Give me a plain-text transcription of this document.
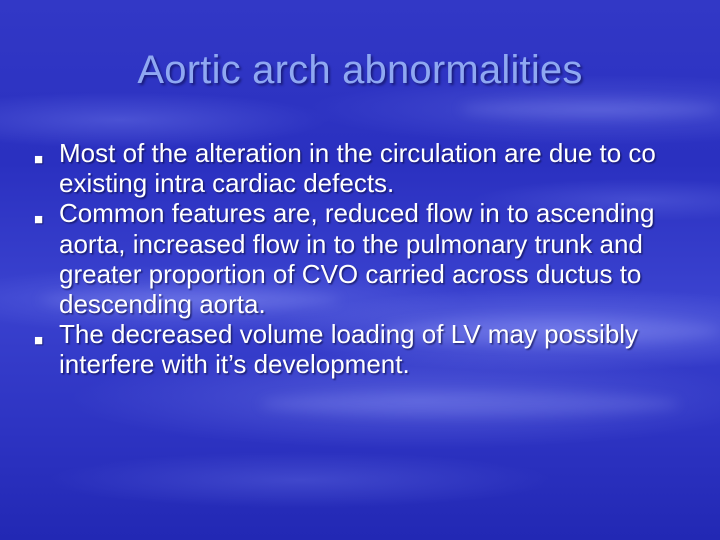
Aortic arch abnormalities

■ Most of the alteration in the circulation are due to co existing intra cardiac defects.

■ Common features are, reduced flow in to ascending aorta, increased flow in to the pulmonary trunk and greater proportion of CVO carried across ductus to descending aorta.

■ The decreased volume loading of LV may possibly interfere with it’s development.
